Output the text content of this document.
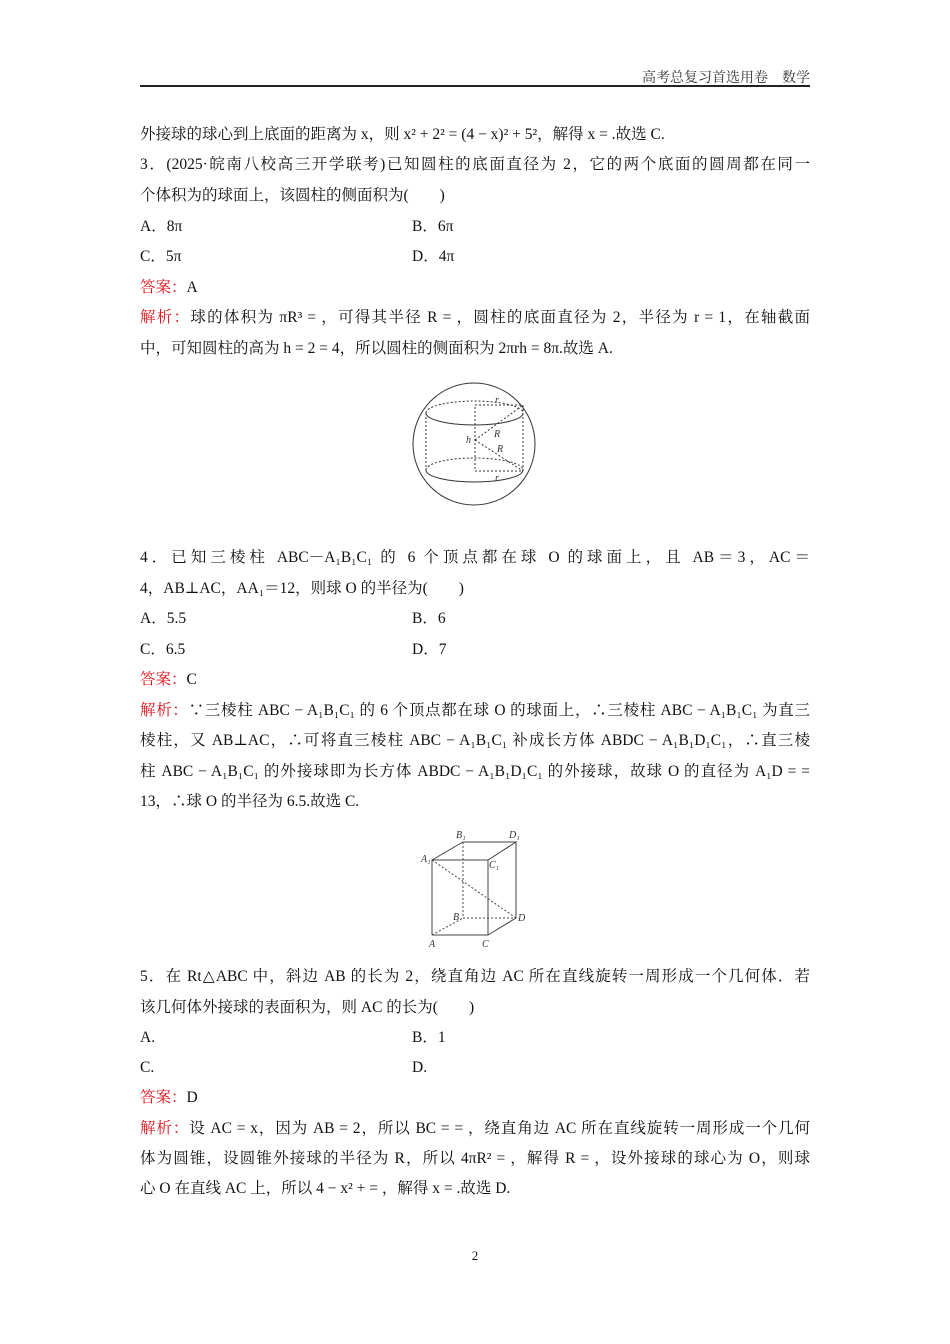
高考总复习首选用卷　数学
外接球的球心到上底面的距离为 x，则 x² + 2² = (4 − x)² + 5²，解得 x = .故选 C.
3．(2025·皖南八校高三开学联考)已知圆柱的底面直径为 2，它的两个底面的圆周都在同一
个体积为的球面上，该圆柱的侧面积为(　　)
A．8π	B．6π
C．5π	D．4π
答案：A
解析：球的体积为 πR³ = ，可得其半径 R = ，圆柱的底面直径为 2，半径为 r = 1，在轴截面
中，可知圆柱的高为 h = 2 = 4，所以圆柱的侧面积为 2πrh = 8π.故选 A.
r
h
R
R
r
B₁	D₁
A₁
C₁
B	D
A	C
4．已知三棱柱 ABC－A₁B₁C₁ 的 6 个顶点都在球 O 的球面上，且 AB＝3，AC＝
4，AB⊥AC，AA₁＝12，则球 O 的半径为(　　)
A．5.5	B．6
C．6.5	D．7
答案：C
解析：∵三棱柱 ABC − A₁B₁C₁ 的 6 个顶点都在球 O 的球面上，∴三棱柱 ABC − A₁B₁C₁ 为直三
棱柱，又 AB⊥AC，∴可将直三棱柱 ABC − A₁B₁C₁ 补成长方体 ABDC − A₁B₁D₁C₁，∴直三棱
柱 ABC − A₁B₁C₁ 的外接球即为长方体 ABDC − A₁B₁D₁C₁ 的外接球，故球 O 的直径为 A₁D = =
13，∴球 O 的半径为 6.5.故选 C.
5．在 Rt△ABC 中，斜边 AB 的长为 2，绕直角边 AC 所在直线旋转一周形成一个几何体．若
该几何体外接球的表面积为，则 AC 的长为(　　)
A.	B．1
C.	D.
答案：D
解析：设 AC = x，因为 AB = 2，所以 BC = = ，绕直角边 AC 所在直线旋转一周形成一个几何
体为圆锥，设圆锥外接球的半径为 R，所以 4πR² = ，解得 R = ，设外接球的球心为 O，则球
心 O 在直线 AC 上，所以 4 − x² + = ，解得 x = .故选 D.
2
